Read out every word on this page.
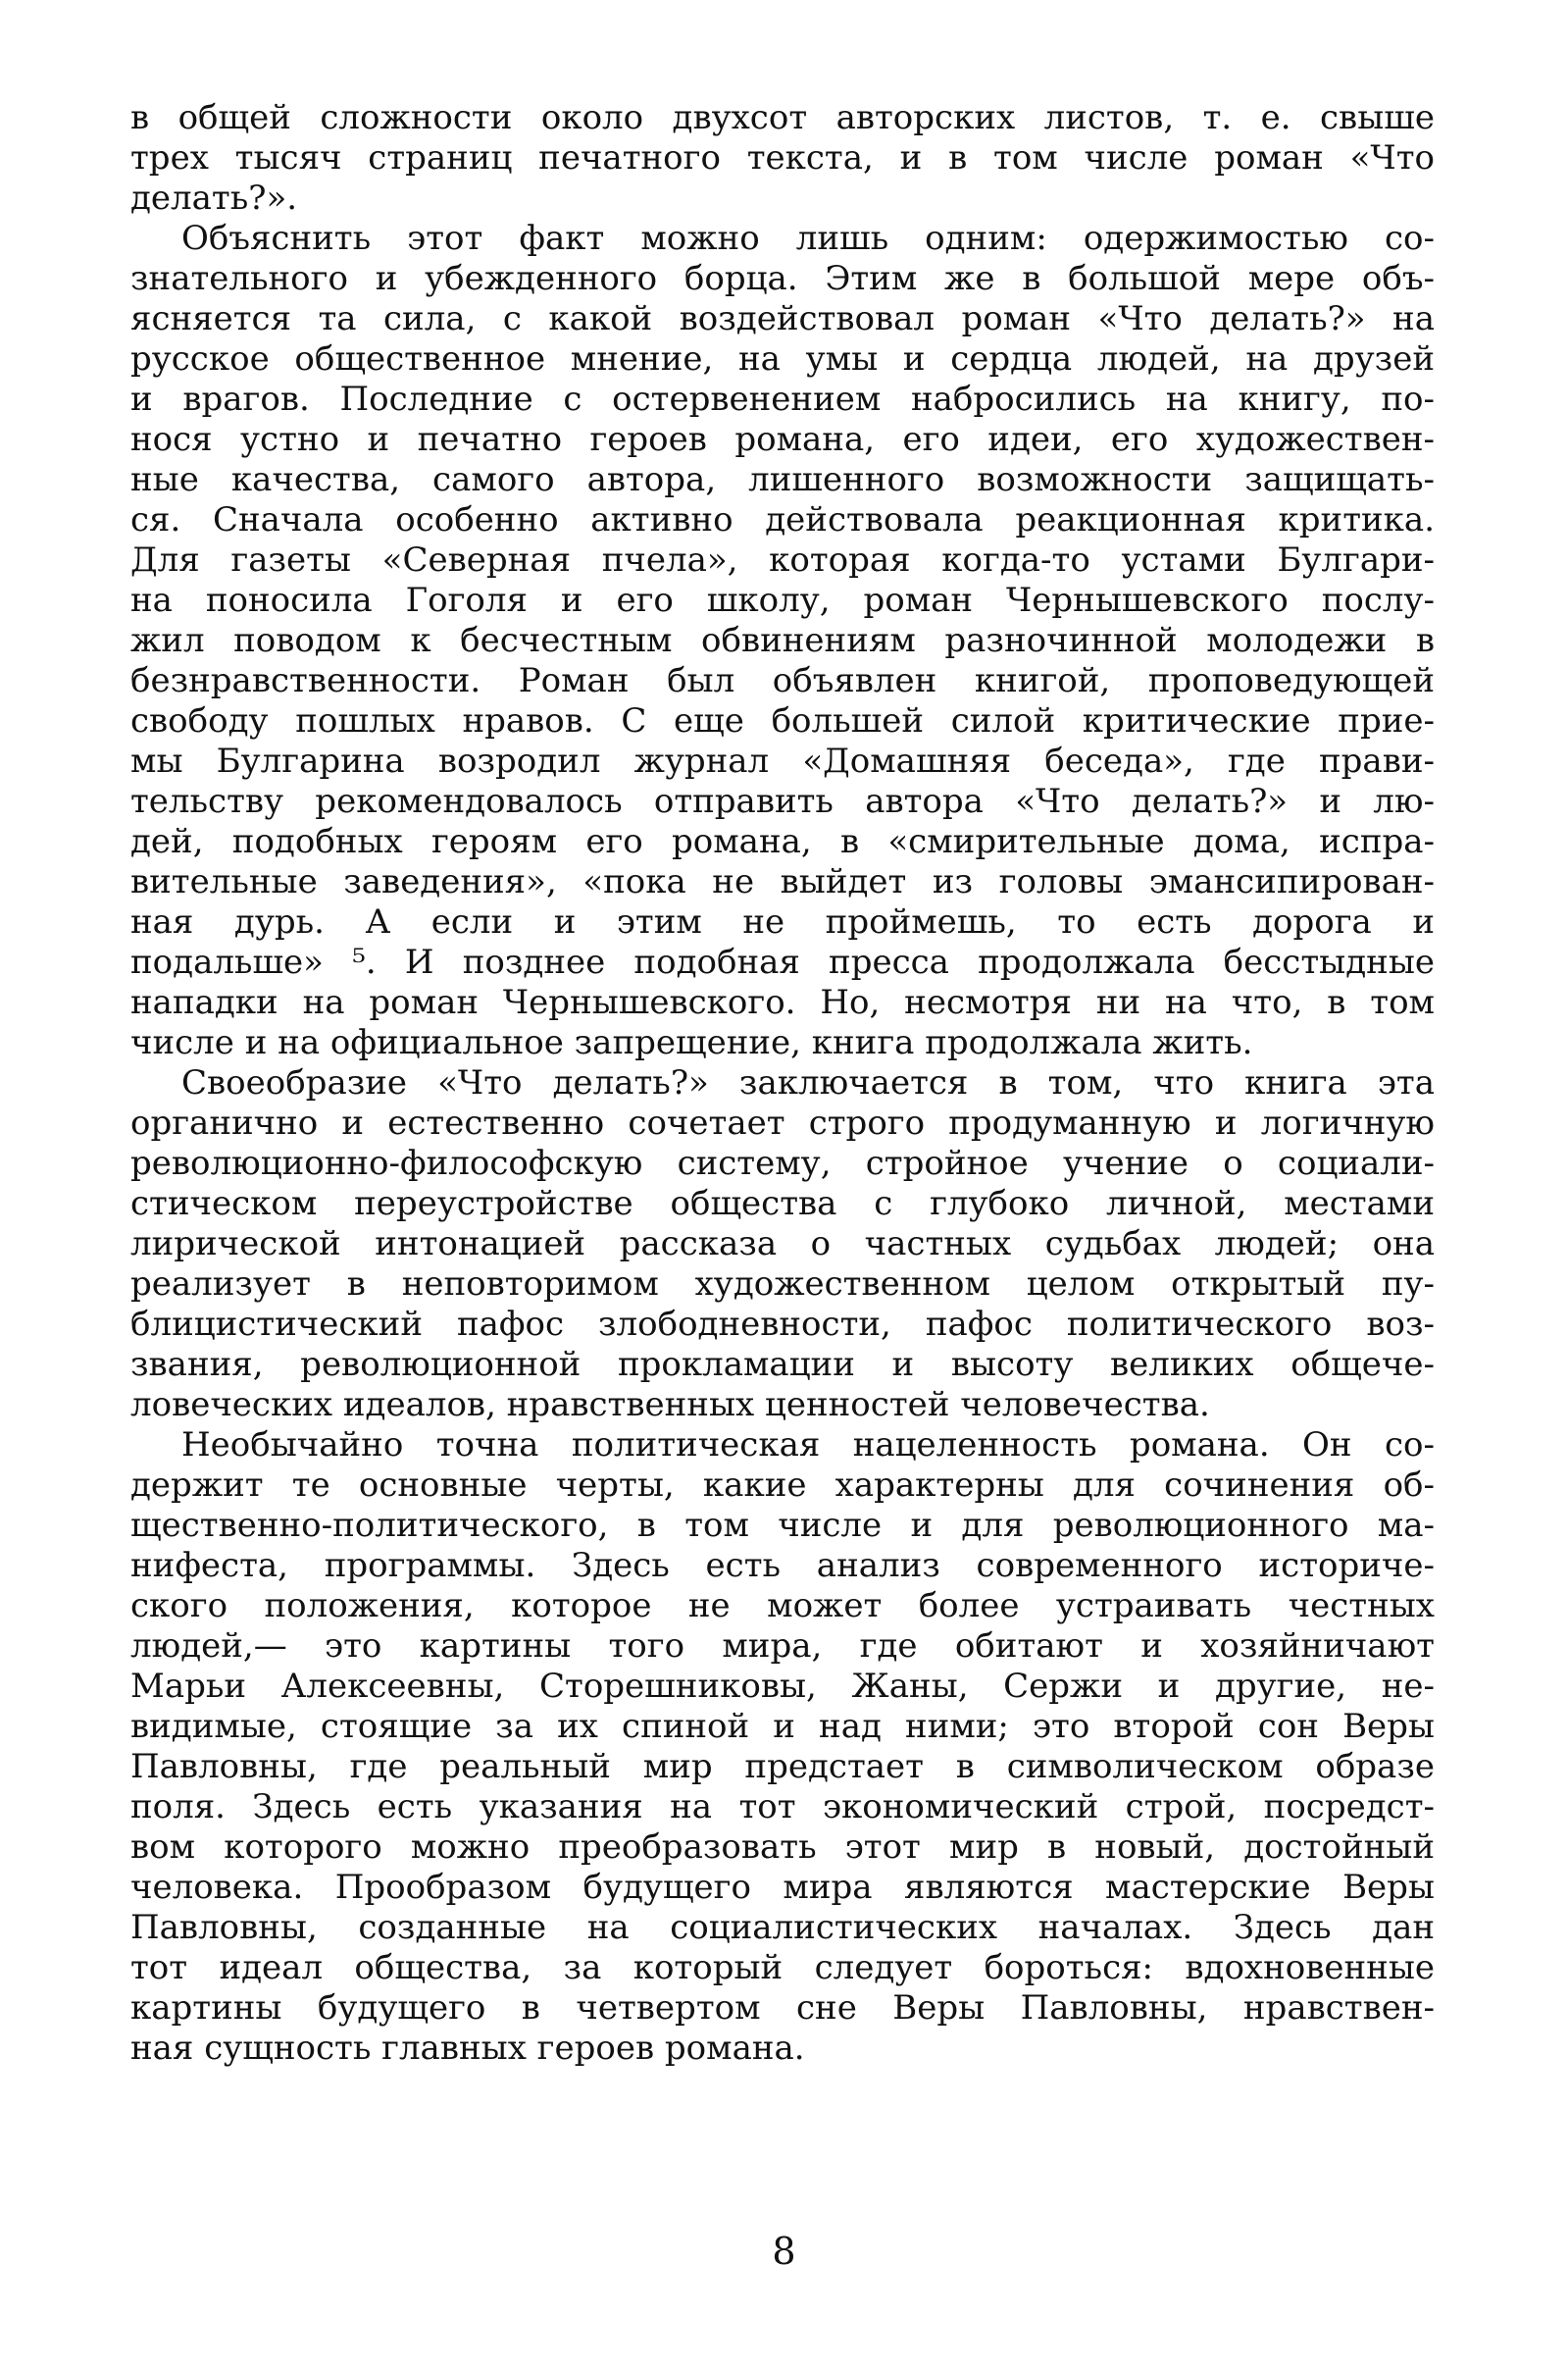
в общей сложности около двухсот авторских листов, т. е. свыше
трех тысяч страниц печатного текста, и в том числе роман «Что
делать?».
Объяснить этот факт можно лишь одним: одержимостью со-
знательного и убежденного борца. Этим же в большой мере объ-
ясняется та сила, с какой воздействовал роман «Что делать?» на
русское общественное мнение, на умы и сердца людей, на друзей
и врагов. Последние с остервенением набросились на книгу, по-
нося устно и печатно героев романа, его идеи, его художествен-
ные качества, самого автора, лишенного возможности защищать-
ся. Сначала особенно активно действовала реакционная критика.
Для газеты «Северная пчела», которая когда-то устами Булгари-
на поносила Гоголя и его школу, роман Чернышевского послу-
жил поводом к бесчестным обвинениям разночинной молодежи в
безнравственности. Роман был объявлен книгой, проповедующей
свободу пошлых нравов. С еще большей силой критические прие-
мы Булгарина возродил журнал «Домашняя беседа», где прави-
тельству рекомендовалось отправить автора «Что делать?» и лю-
дей, подобных героям его романа, в «смирительные дома, испра-
вительные заведения», «пока не выйдет из головы эмансипирован-
ная дурь. А если и этим не проймешь, то есть дорога и
подальше» ⁵. И позднее подобная пресса продолжала бесстыдные
нападки на роман Чернышевского. Но, несмотря ни на что, в том
числе и на официальное запрещение, книга продолжала жить.
Своеобразие «Что делать?» заключается в том, что книга эта
органично и естественно сочетает строго продуманную и логичную
революционно-философскую систему, стройное учение о социали-
стическом переустройстве общества с глубоко личной, местами
лирической интонацией рассказа о частных судьбах людей; она
реализует в неповторимом художественном целом открытый пу-
блицистический пафос злободневности, пафос политического воз-
звания, революционной прокламации и высоту великих общече-
ловеческих идеалов, нравственных ценностей человечества.
Необычайно точна политическая нацеленность романа. Он со-
держит те основные черты, какие характерны для сочинения об-
щественно-политического, в том числе и для революционного ма-
нифеста, программы. Здесь есть анализ современного историче-
ского положения, которое не может более устраивать честных
людей,— это картины того мира, где обитают и хозяйничают
Марьи Алексеевны, Сторешниковы, Жаны, Сержи и другие, не-
видимые, стоящие за их спиной и над ними; это второй сон Веры
Павловны, где реальный мир предстает в символическом образе
поля. Здесь есть указания на тот экономический строй, посредст-
вом которого можно преобразовать этот мир в новый, достойный
человека. Прообразом будущего мира являются мастерские Веры
Павловны, созданные на социалистических началах. Здесь дан
тот идеал общества, за который следует бороться: вдохновенные
картины будущего в четвертом сне Веры Павловны, нравствен-
ная сущность главных героев романа.
8
